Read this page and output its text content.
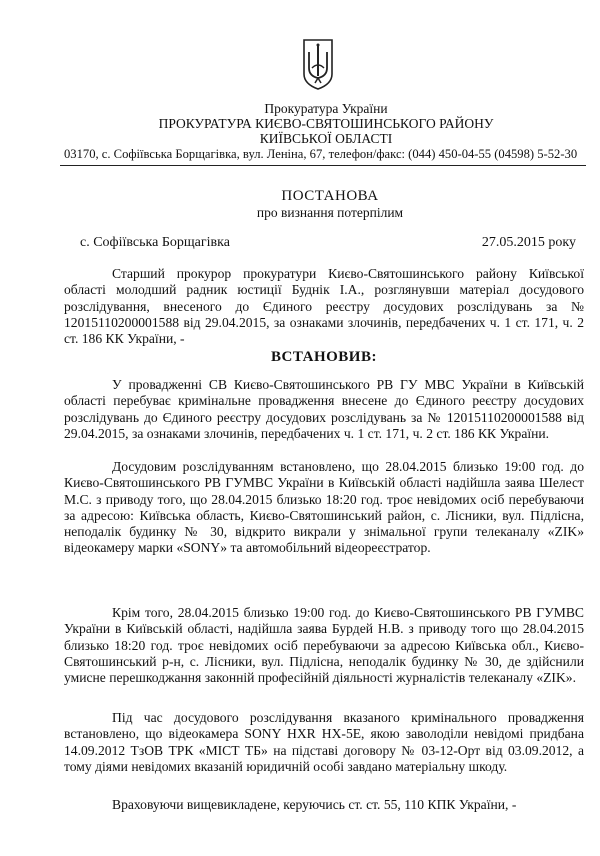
Прокуратура України
ПРОКУРАТУРА КИЄВО-СВЯТОШИНСЬКОГО РАЙОНУ
КИЇВСЬКОЇ ОБЛАСТІ
03170, с. Софіївська Борщагівка, вул. Леніна, 67, телефон/факс: (044) 450-04-55 (04598) 5-52-30
ПОСТАНОВА
про визнання потерпілим
с. Софіївська Борщагівка	27.05.2015 року
Старший прокурор прокуратури Києво-Святошинського району Київської області молодший радник юстиції Буднік І.А., розглянувши матеріал досудового розслідування, внесеного до Єдиного реєстру досудових розслідувань за № 12015110200001588 від 29.04.2015, за ознаками злочинів, передбачених ч. 1 ст. 171, ч. 2 ст. 186 КК України, -
ВСТАНОВИВ:
У провадженні СВ Києво-Святошинського РВ ГУ МВС України в Київській області перебуває кримінальне провадження внесене до Єдиного реєстру досудових розслідувань до Єдиного реєстру досудових розслідувань за № 12015110200001588 від 29.04.2015, за ознаками злочинів, передбачених ч. 1 ст. 171, ч. 2 ст. 186 КК України.
Досудовим розслідуванням встановлено, що 28.04.2015 близько 19:00 год. до Києво-Святошинського РВ ГУМВС України в Київській області надійшла заява Шелест М.С. з приводу того, що 28.04.2015 близько 18:20 год. троє невідомих осіб перебуваючи за адресою: Київська область, Києво-Святошинський район, с. Лісники, вул. Підлісна, неподалік будинку № 30, відкрито викрали у знімальної групи телеканалу «ZIK» відеокамеру марки «SONY» та автомобільний відеореєстратор.
Крім того, 28.04.2015 близько 19:00 год. до Києво-Святошинського РВ ГУМВС України в Київській області, надійшла заява Бурдей Н.В. з приводу того що 28.04.2015 близько 18:20 год. троє невідомих осіб перебуваючи за адресою Київська обл., Києво-Святошинський р-н, с. Лісники, вул. Підлісна, неподалік будинку № 30, де здійснили умисне перешкоджання законній професійній діяльності журналістів телеканалу «ZIK».
Під час досудового розслідування вказаного кримінального провадження встановлено, що відеокамера SONY HXR HX-5E, якою заволоділи невідомі придбана 14.09.2012 ТзОВ ТРК «МІСТ ТБ» на підставі договору № 03-12-Орт від 03.09.2012, а тому діями невідомих вказаній юридичній особі завдано матеріальну шкоду.
Враховуючи вищевикладене, керуючись ст. ст. 55, 110 КПК України, -
